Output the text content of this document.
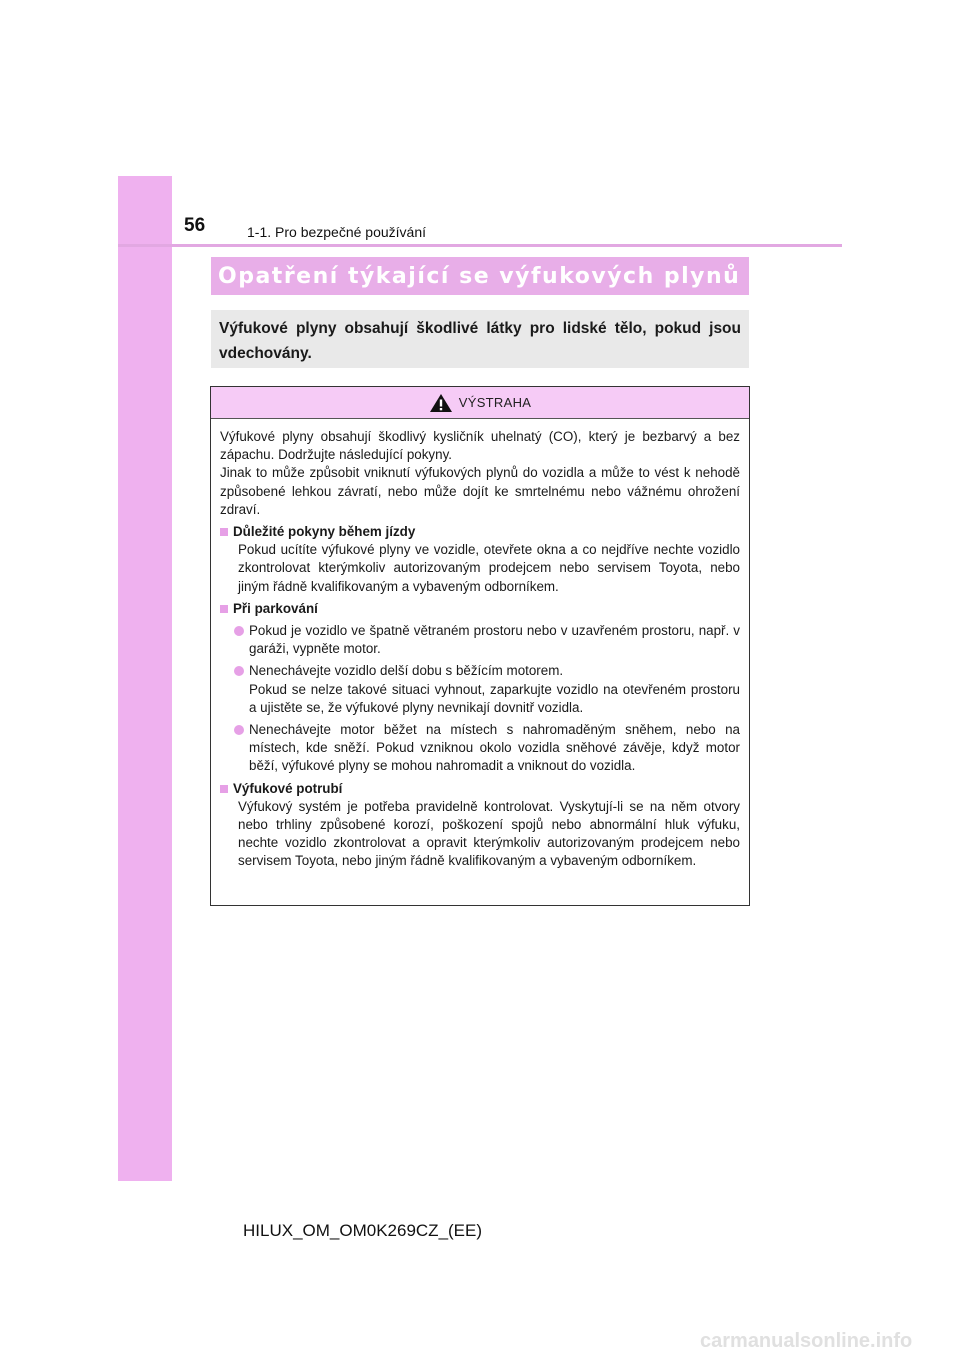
56	1-1. Pro bezpečné používání
Opatření týkající se výfukových plynů
Výfukové plyny obsahují škodlivé látky pro lidské tělo, pokud jsou vdechovány.
VÝSTRAHA

Výfukové plyny obsahují škodlivý kysličník uhelnatý (CO), který je bezbarvý a bez zápachu. Dodržujte následující pokyny.

Jinak to může způsobit vniknutí výfukových plynů do vozidla a může to vést k nehodě způsobené lehkou závratí, nebo může dojít ke smrtelnému nebo vážnému ohrožení zdraví.

Důležité pokyny během jízdy
Pokud ucítíte výfukové plyny ve vozidle, otevřete okna a co nejdříve nechte vozidlo zkontrolovat kterýmkoliv autorizovaným prodejcem nebo servisem Toyota, nebo jiným řádně kvalifikovaným a vybaveným odborníkem.
Při parkování
Pokud je vozidlo ve špatně větraném prostoru nebo v uzavřeném prostoru, např. v garáži, vypněte motor.
Nenechávejte vozidlo delší dobu s běžícím motorem.
Pokud se nelze takové situaci vyhnout, zaparkujte vozidlo na otevřeném prostoru a ujistěte se, že výfukové plyny nevnikají dovnitř vozidla.
Nenechávejte motor běžet na místech s nahromaděným sněhem, nebo na místech, kde sněží. Pokud vzniknou okolo vozidla sněhové závěje, když motor běží, výfukové plyny se mohou nahromadit a vniknout do vozidla.
Výfukové potrubí
Výfukový systém je potřeba pravidelně kontrolovat. Vyskytují-li se na něm otvory nebo trhliny způsobené korozí, poškození spojů nebo abnormální hluk výfuku, nechte vozidlo zkontrolovat a opravit kterýmkoliv autorizovaným prodejcem nebo servisem Toyota, nebo jiným řádně kvalifikovaným a vybaveným odborníkem.
HILUX_OM_OM0K269CZ_(EE)
carmanualsonline.info
